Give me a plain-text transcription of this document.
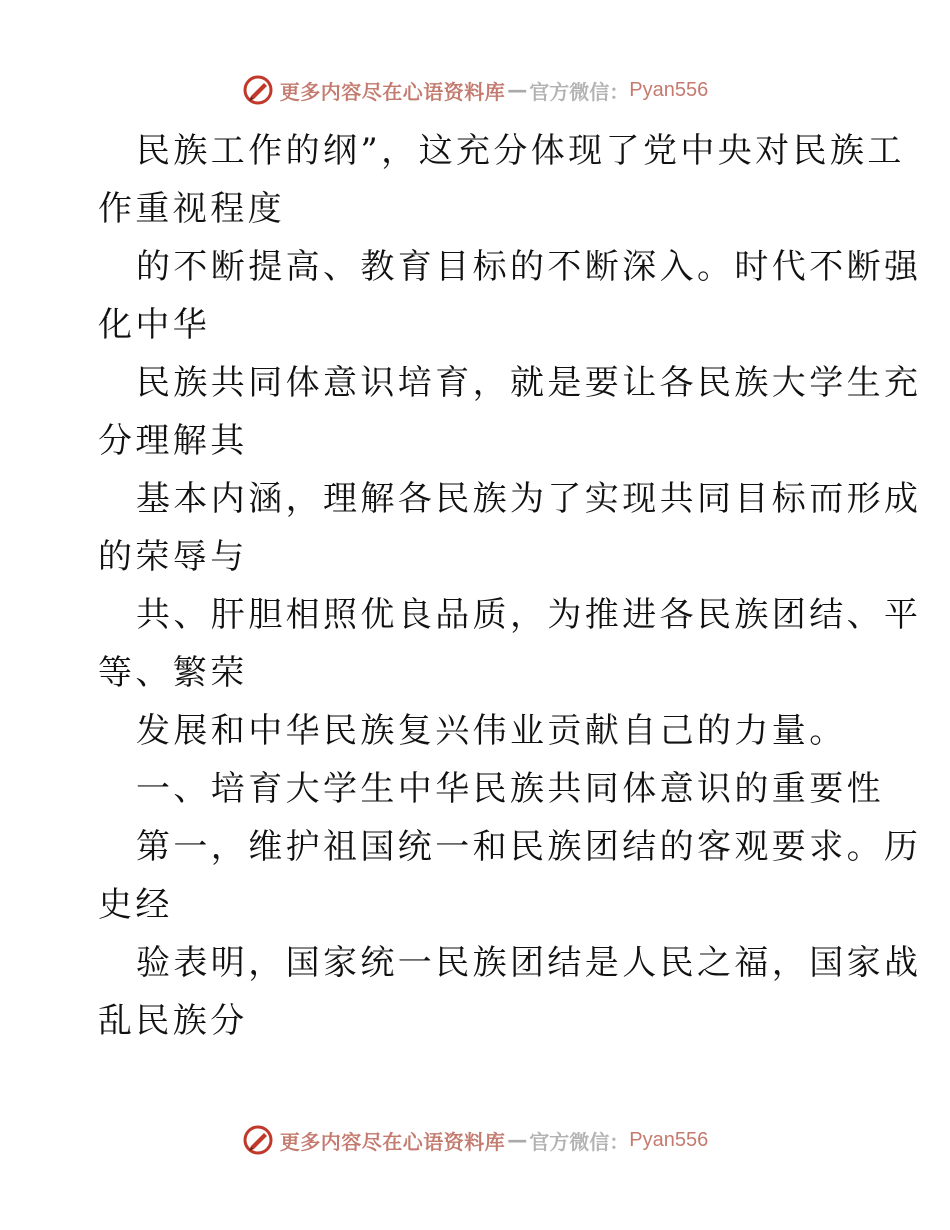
更多内容尽在心语资料库 — 官方微信： Pyan556
民族工作的纲”，这充分体现了党中央对民族工
作重视程度
的不断提高、教育目标的不断深入。时代不断强
化中华
民族共同体意识培育，就是要让各民族大学生充
分理解其
基本内涵，理解各民族为了实现共同目标而形成
的荣辱与
共、肝胆相照优良品质，为推进各民族团结、平
等、繁荣
发展和中华民族复兴伟业贡献自己的力量。
一、培育大学生中华民族共同体意识的重要性
第一，维护祖国统一和民族团结的客观要求。历
史经
验表明，国家统一民族团结是人民之福，国家战
乱民族分
更多内容尽在心语资料库 — 官方微信： Pyan556
